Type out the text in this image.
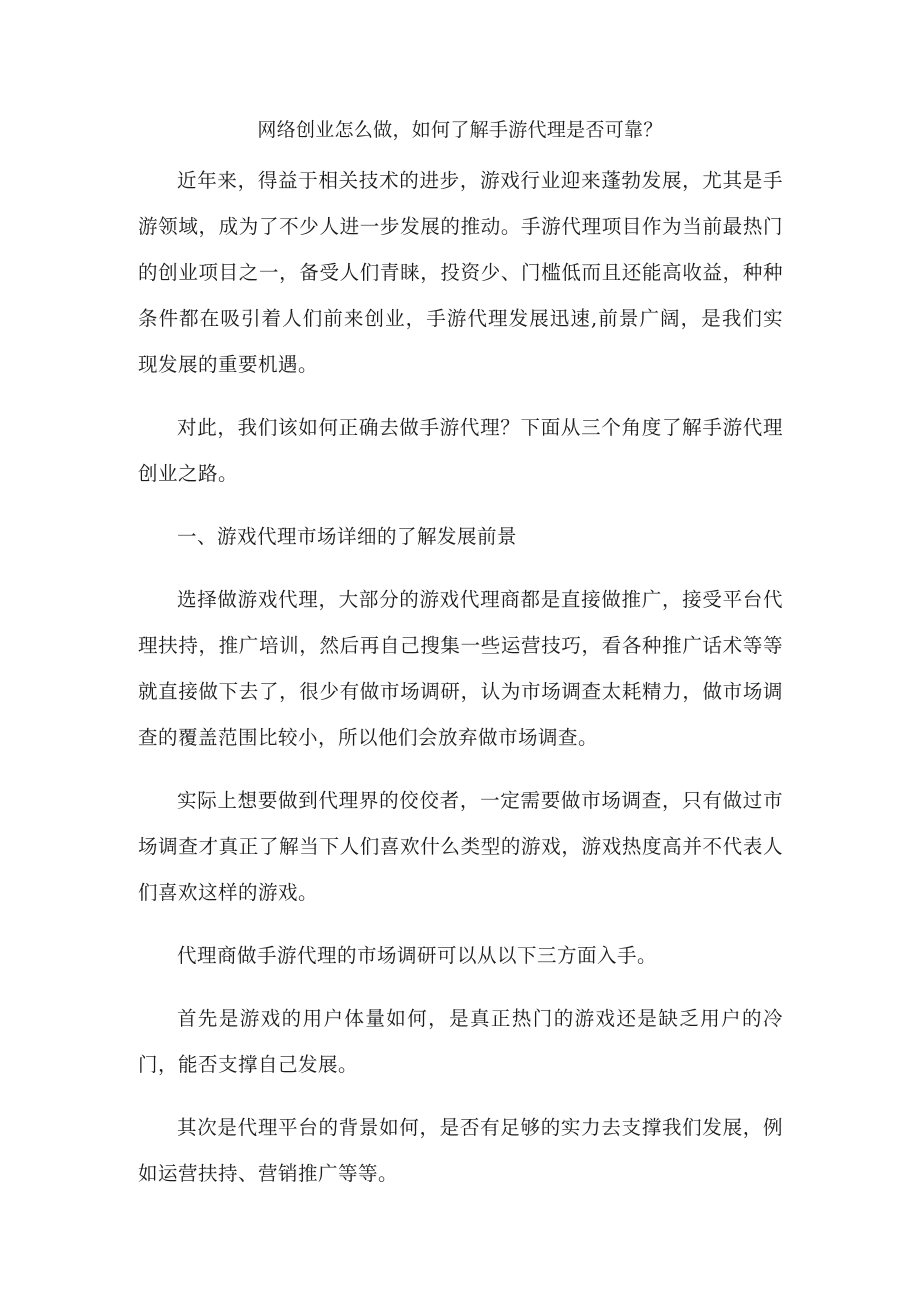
网络创业怎么做，如何了解手游代理是否可靠？

近年来，得益于相关技术的进步，游戏行业迎来蓬勃发展，尤其是手游领域，成为了不少人进一步发展的推动。手游代理项目作为当前最热门的创业项目之一，备受人们青睐，投资少、门槛低而且还能高收益，种种条件都在吸引着人们前来创业，手游代理发展迅速,前景广阔，是我们实现发展的重要机遇。

对此，我们该如何正确去做手游代理？下面从三个角度了解手游代理创业之路。

一、游戏代理市场详细的了解发展前景

选择做游戏代理，大部分的游戏代理商都是直接做推广，接受平台代理扶持，推广培训，然后再自己搜集一些运营技巧，看各种推广话术等等就直接做下去了，很少有做市场调研，认为市场调查太耗精力，做市场调查的覆盖范围比较小，所以他们会放弃做市场调查。

实际上想要做到代理界的佼佼者，一定需要做市场调查，只有做过市场调查才真正了解当下人们喜欢什么类型的游戏，游戏热度高并不代表人们喜欢这样的游戏。

代理商做手游代理的市场调研可以从以下三方面入手。

首先是游戏的用户体量如何，是真正热门的游戏还是缺乏用户的冷门，能否支撑自己发展。

其次是代理平台的背景如何，是否有足够的实力去支撑我们发展，例如运营扶持、营销推广等等。
